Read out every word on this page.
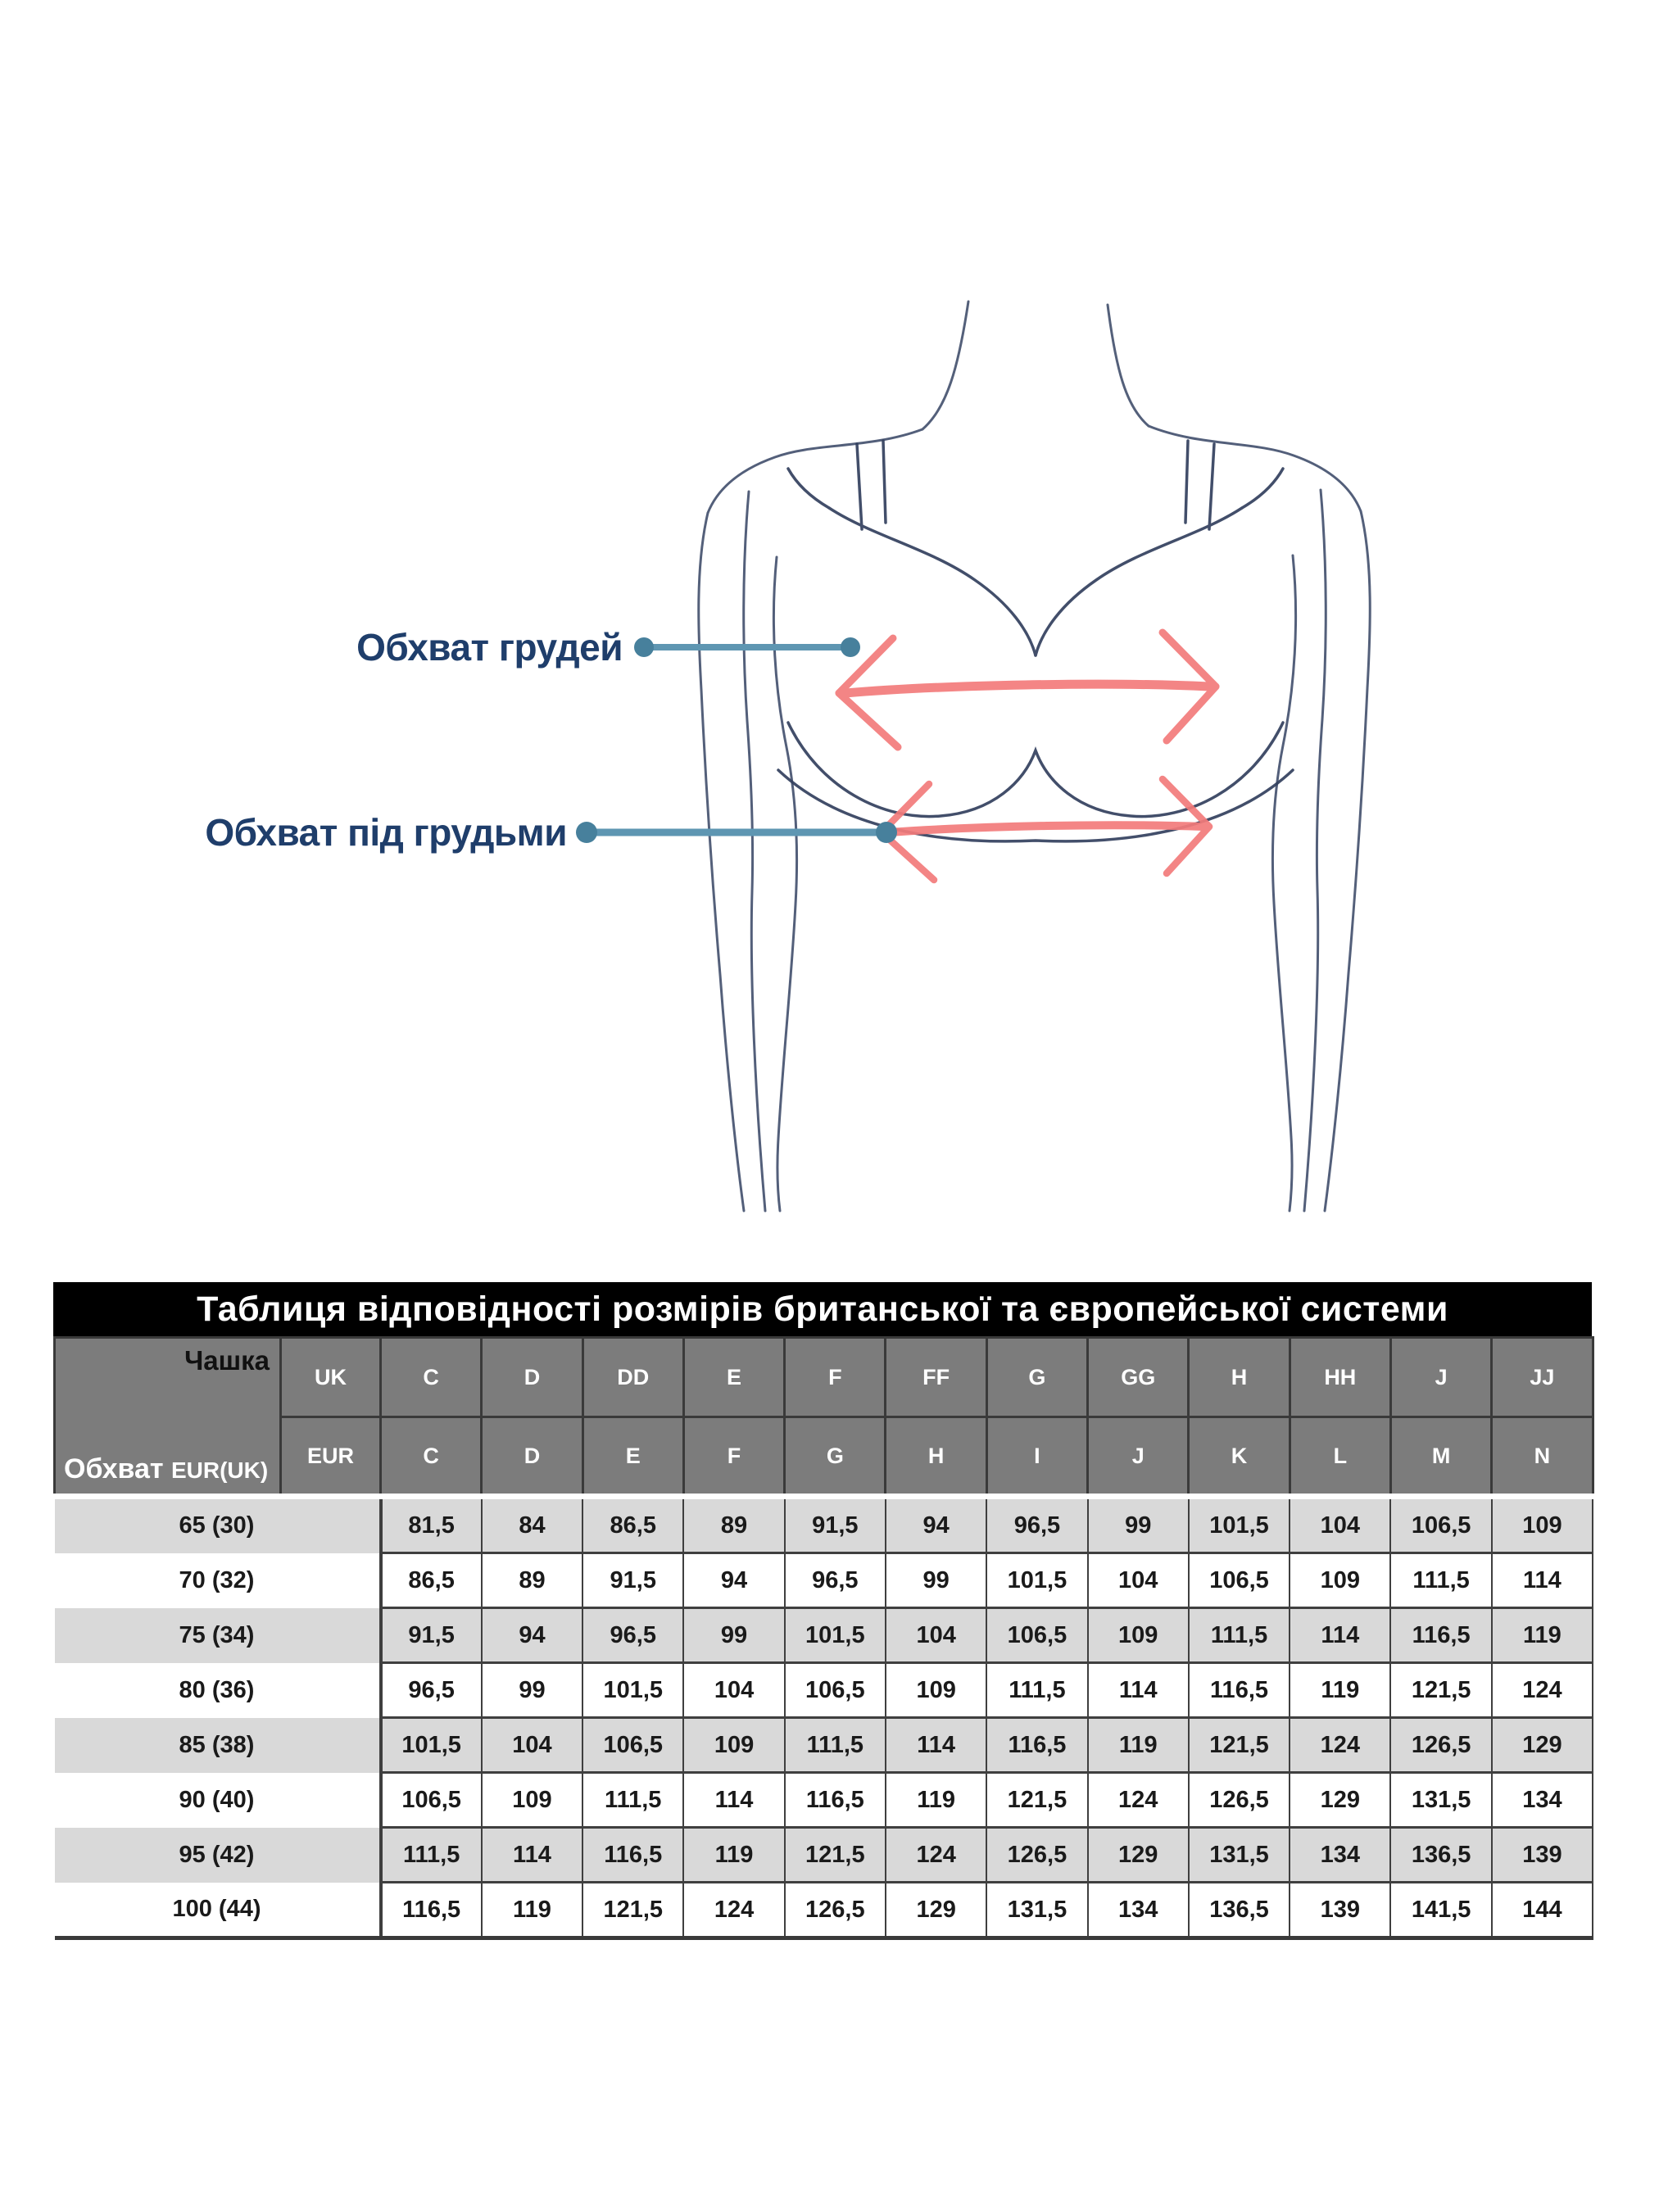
Обхват грудей
Обхват під грудьми
Таблиця відповідності розмірів британської та європейської системи
Чашка
Обхват EUR(UK)	UK	C	D	DD	E	F	FF	G	GG	H	HH	J	JJ
	EUR	C	D	E	F	G	H	I	J	K	L	M	N
65 (30)		81,5	84	86,5	89	91,5	94	96,5	99	101,5	104	106,5	109
70 (32)		86,5	89	91,5	94	96,5	99	101,5	104	106,5	109	111,5	114
75 (34)		91,5	94	96,5	99	101,5	104	106,5	109	111,5	114	116,5	119
80 (36)		96,5	99	101,5	104	106,5	109	111,5	114	116,5	119	121,5	124
85 (38)		101,5	104	106,5	109	111,5	114	116,5	119	121,5	124	126,5	129
90 (40)		106,5	109	111,5	114	116,5	119	121,5	124	126,5	129	131,5	134
95 (42)		111,5	114	116,5	119	121,5	124	126,5	129	131,5	134	136,5	139
100 (44)		116,5	119	121,5	124	126,5	129	131,5	134	136,5	139	141,5	144
